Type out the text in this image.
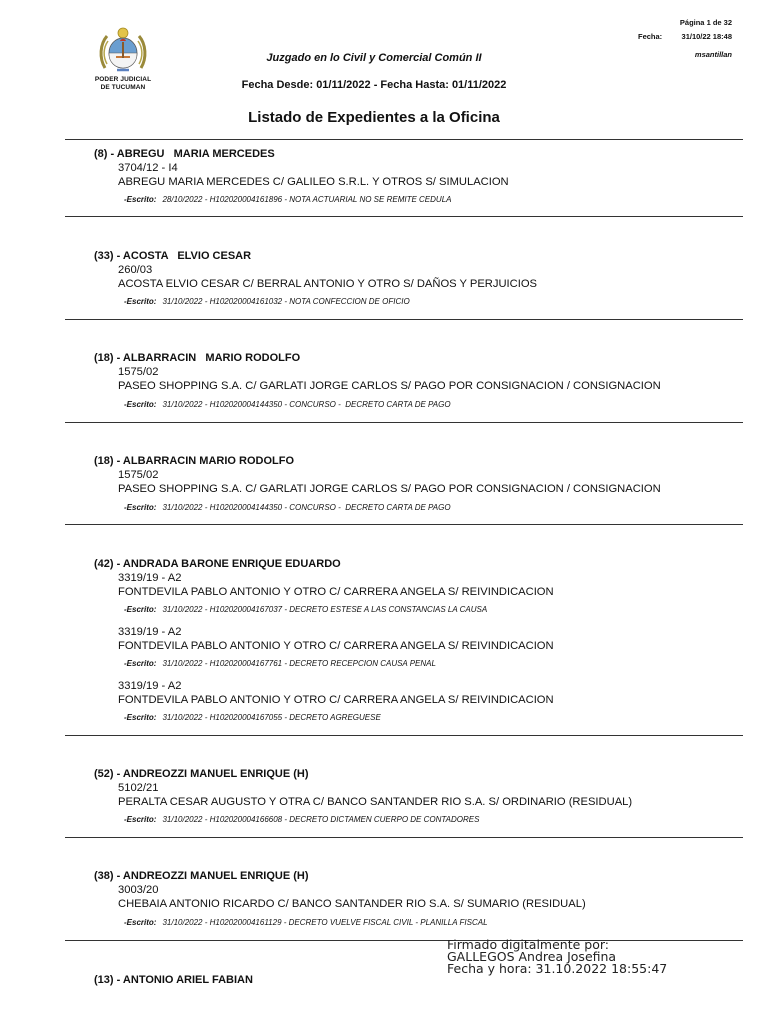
PODER JUDICIAL
DE TUCUMAN
Página 1 de 32
Fecha:	31/10/22 18:48
msantillan
Juzgado en lo Civil y Comercial Común II
Fecha Desde: 01/11/2022 - Fecha Hasta: 01/11/2022
Listado de Expedientes a la Oficina
(8) - ABREGU   MARIA MERCEDES
3704/12 - I4
ABREGU MARIA MERCEDES C/ GALILEO S.R.L. Y OTROS S/ SIMULACION
-Escrito: 28/10/2022 - H102020004161896 - NOTA ACTUARIAL NO SE REMITE CEDULA
(33) - ACOSTA   ELVIO CESAR
260/03
ACOSTA ELVIO CESAR C/ BERRAL ANTONIO Y OTRO S/ DAÑOS Y PERJUICIOS
-Escrito: 31/10/2022 - H102020004161032 - NOTA CONFECCION DE OFICIO
(18) - ALBARRACIN   MARIO RODOLFO
1575/02
PASEO SHOPPING S.A. C/ GARLATI JORGE CARLOS S/ PAGO POR CONSIGNACION / CONSIGNACION
-Escrito: 31/10/2022 - H102020004144350 - CONCURSO -  DECRETO CARTA DE PAGO
(18) - ALBARRACIN MARIO RODOLFO
1575/02
PASEO SHOPPING S.A. C/ GARLATI JORGE CARLOS S/ PAGO POR CONSIGNACION / CONSIGNACION
-Escrito: 31/10/2022 - H102020004144350 - CONCURSO -  DECRETO CARTA DE PAGO
(42) - ANDRADA BARONE ENRIQUE EDUARDO
3319/19 - A2
FONTDEVILA PABLO ANTONIO Y OTRO C/ CARRERA ANGELA S/ REIVINDICACION
-Escrito: 31/10/2022 - H102020004167037 - DECRETO ESTESE A LAS CONSTANCIAS LA CAUSA
3319/19 - A2
FONTDEVILA PABLO ANTONIO Y OTRO C/ CARRERA ANGELA S/ REIVINDICACION
-Escrito: 31/10/2022 - H102020004167761 - DECRETO RECEPCION CAUSA PENAL
3319/19 - A2
FONTDEVILA PABLO ANTONIO Y OTRO C/ CARRERA ANGELA S/ REIVINDICACION
-Escrito: 31/10/2022 - H102020004167055 - DECRETO AGREGUESE
(52) - ANDREOZZI MANUEL ENRIQUE (H)
5102/21
PERALTA CESAR AUGUSTO Y OTRA C/ BANCO SANTANDER RIO S.A. S/ ORDINARIO (RESIDUAL)
-Escrito: 31/10/2022 - H102020004166608 - DECRETO DICTAMEN CUERPO DE CONTADORES
(38) - ANDREOZZI MANUEL ENRIQUE (H)
3003/20
CHEBAIA ANTONIO RICARDO C/ BANCO SANTANDER RIO S.A. S/ SUMARIO (RESIDUAL)
-Escrito: 31/10/2022 - H102020004161129 - DECRETO VUELVE FISCAL CIVIL - PLANILLA FISCAL
Firmado digitalmente por:
GALLEGOS Andrea Josefina
Fecha y hora: 31.10.2022 18:55:47
(13) - ANTONIO ARIEL FABIAN
